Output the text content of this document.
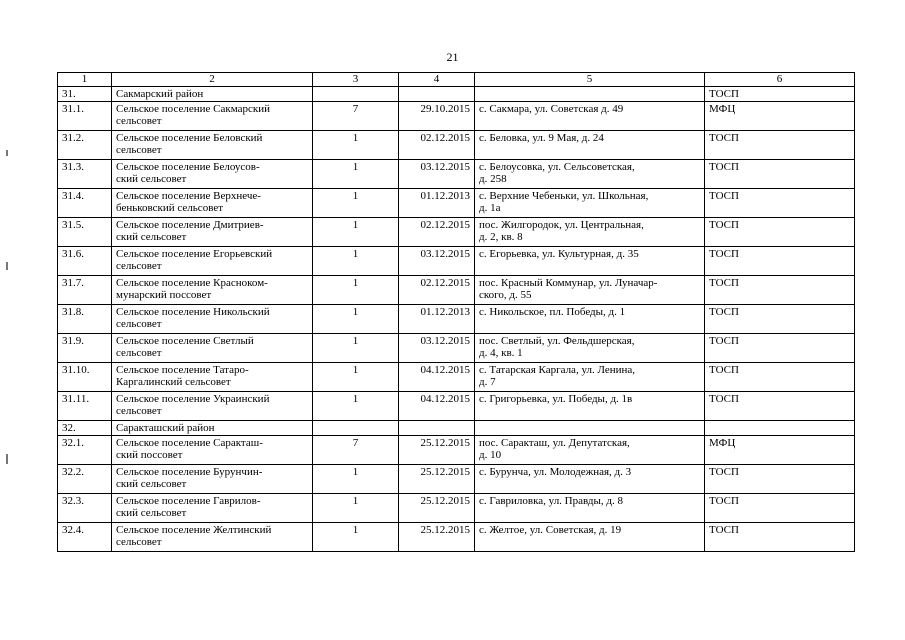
21
1	2	3	4	5	6
31.	Сакмарский район				ТОСП
31.1.	Сельское поселение Сакмарский
сельсовет	7	29.10.2015	с. Сакмара, ул. Советская д. 49	МФЦ
31.2.	Сельское поселение Беловский
сельсовет	1	02.12.2015	с. Беловка, ул. 9 Мая, д. 24	ТОСП
31.3.	Сельское поселение Белоусов-
ский сельсовет	1	03.12.2015	с. Белоусовка, ул. Сельсоветская,
д. 258	ТОСП
31.4.	Сельское поселение Верхнече-
беньковский сельсовет	1	01.12.2013	с. Верхние Чебеньки, ул. Школьная,
д. 1а	ТОСП
31.5.	Сельское поселение Дмитриев-
ский сельсовет	1	02.12.2015	пос. Жилгородок, ул. Центральная,
д. 2, кв. 8	ТОСП
31.6.	Сельское поселение Егорьевский
сельсовет	1	03.12.2015	с. Егорьевка, ул. Культурная, д. 35	ТОСП
31.7.	Сельское поселение Красноком-
мунарский поссовет	1	02.12.2015	пос. Красный Коммунар, ул. Луначар-
ского, д. 55	ТОСП
31.8.	Сельское поселение Никольский
сельсовет	1	01.12.2013	с. Никольское, пл. Победы, д. 1	ТОСП
31.9.	Сельское поселение Светлый
сельсовет	1	03.12.2015	пос. Светлый, ул. Фельдшерская,
д. 4, кв. 1	ТОСП
31.10.	Сельское поселение Татаро-
Каргалинский сельсовет	1	04.12.2015	с. Татарская Каргала, ул. Ленина,
д. 7	ТОСП
31.11.	Сельское поселение Украинский
сельсовет	1	04.12.2015	с. Григорьевка, ул. Победы, д. 1в	ТОСП
32.	Саракташский район				
32.1.	Сельское поселение Саракташ-
ский поссовет	7	25.12.2015	пос. Саракташ, ул. Депутатская,
д. 10	МФЦ
32.2.	Сельское поселение Бурунчин-
ский сельсовет	1	25.12.2015	с. Бурунча, ул. Молодежная, д. 3	ТОСП
32.3.	Сельское поселение Гаврилов-
ский сельсовет	1	25.12.2015	с. Гавриловка, ул. Правды, д. 8	ТОСП
32.4.	Сельское поселение Желтинский
сельсовет	1	25.12.2015	с. Желтое, ул. Советская, д. 19	ТОСП
